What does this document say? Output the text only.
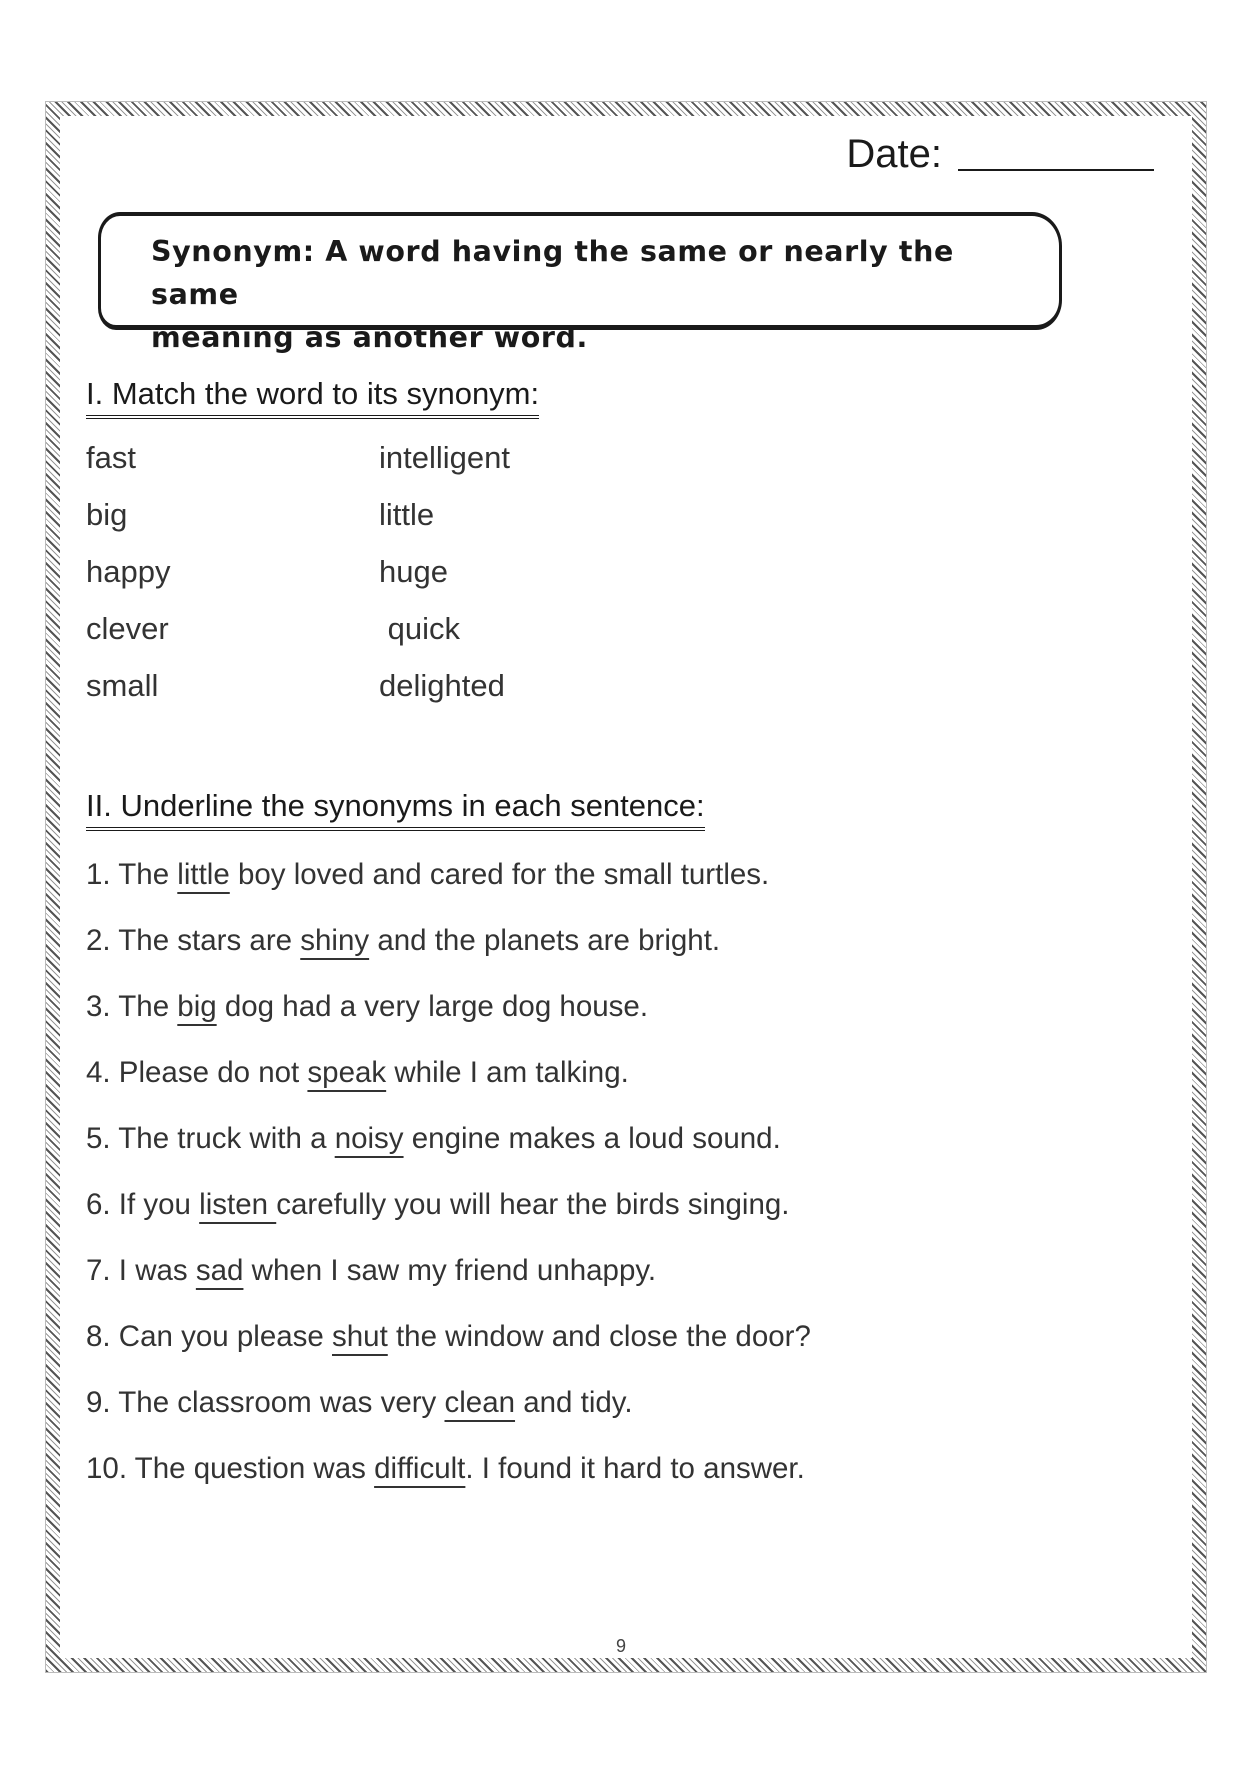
Date:
Synonym: A word having the same or nearly the same
meaning as another word.
I. Match the word to its synonym:
fast	intelligent
big	little
happy	huge
clever	quick
small	delighted
II. Underline the synonyms in each sentence:
1. The little boy loved and cared for the small turtles.
2. The stars are shiny and the planets are bright.
3. The big dog had a very large dog house.
4. Please do not speak while I am talking.
5. The truck with a noisy engine makes a loud sound.
6. If you listen carefully you will hear the birds singing.
7. I was sad when I saw my friend unhappy.
8. Can you please shut the window and close the door?
9. The classroom was very clean and tidy.
10. The question was difficult. I found it hard to answer.
9
